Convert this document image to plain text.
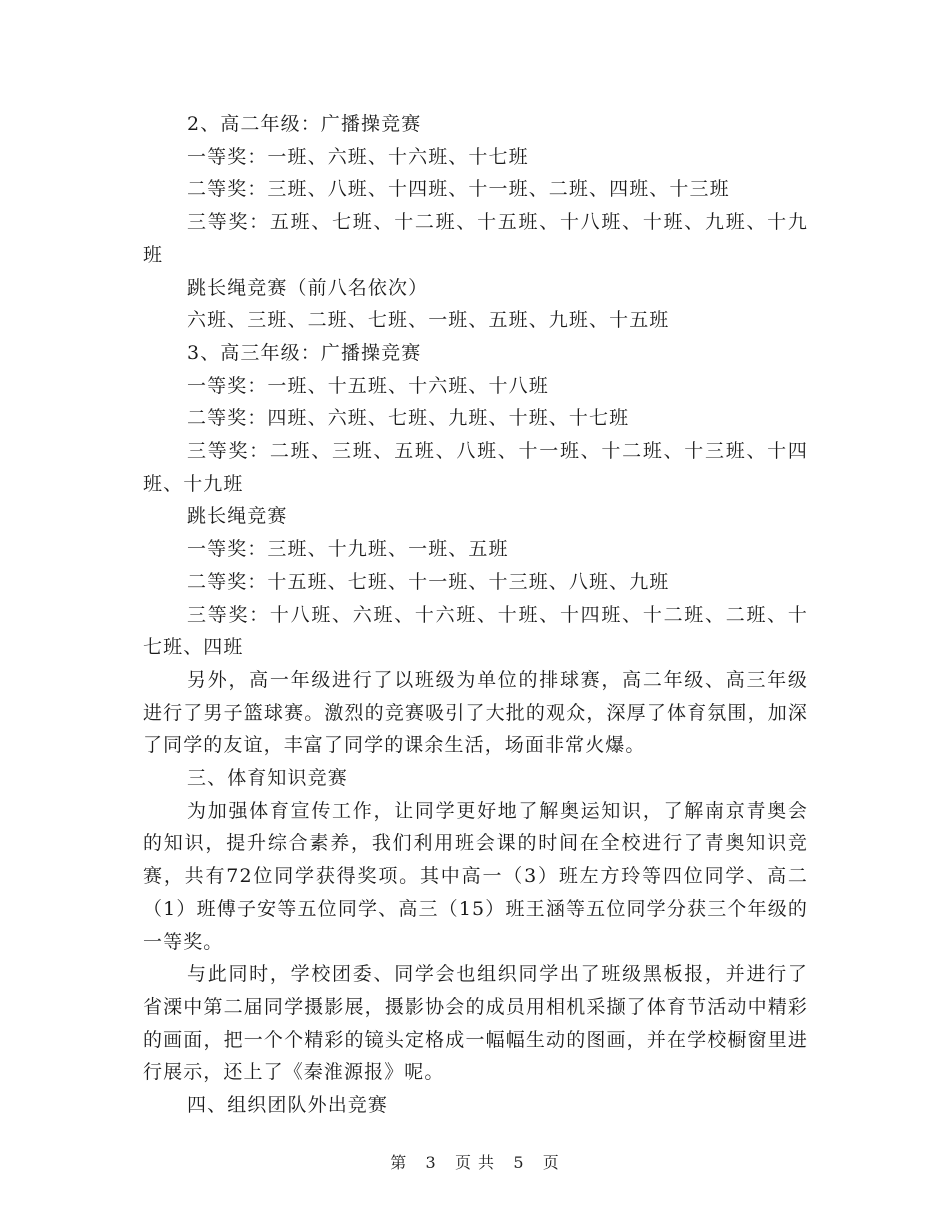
2、高二年级：广播操竞赛

一等奖：一班、六班、十六班、十七班

二等奖：三班、八班、十四班、十一班、二班、四班、十三班

三等奖：五班、七班、十二班、十五班、十八班、十班、九班、十九班

跳长绳竞赛（前八名依次）

六班、三班、二班、七班、一班、五班、九班、十五班

3、高三年级：广播操竞赛

一等奖：一班、十五班、十六班、十八班

二等奖：四班、六班、七班、九班、十班、十七班

三等奖：二班、三班、五班、八班、十一班、十二班、十三班、十四班、十九班

跳长绳竞赛

一等奖：三班、十九班、一班、五班

二等奖：十五班、七班、十一班、十三班、八班、九班

三等奖：十八班、六班、十六班、十班、十四班、十二班、二班、十七班、四班

另外，高一年级进行了以班级为单位的排球赛，高二年级、高三年级进行了男子篮球赛。激烈的竞赛吸引了大批的观众，深厚了体育氛围，加深了同学的友谊，丰富了同学的课余生活，场面非常火爆。

三、体育知识竞赛

为加强体育宣传工作，让同学更好地了解奥运知识，了解南京青奥会的知识，提升综合素养，我们利用班会课的时间在全校进行了青奥知识竞赛，共有72位同学获得奖项。其中高一（3）班左方玲等四位同学、高二（1）班傅子安等五位同学、高三（15）班王涵等五位同学分获三个年级的一等奖。

与此同时，学校团委、同学会也组织同学出了班级黑板报，并进行了省溧中第二届同学摄影展，摄影协会的成员用相机采撷了体育节活动中精彩的画面，把一个个精彩的镜头定格成一幅幅生动的图画，并在学校橱窗里进行展示，还上了《秦淮源报》呢。

四、组织团队外出竞赛

第 3 页 共 5 页
